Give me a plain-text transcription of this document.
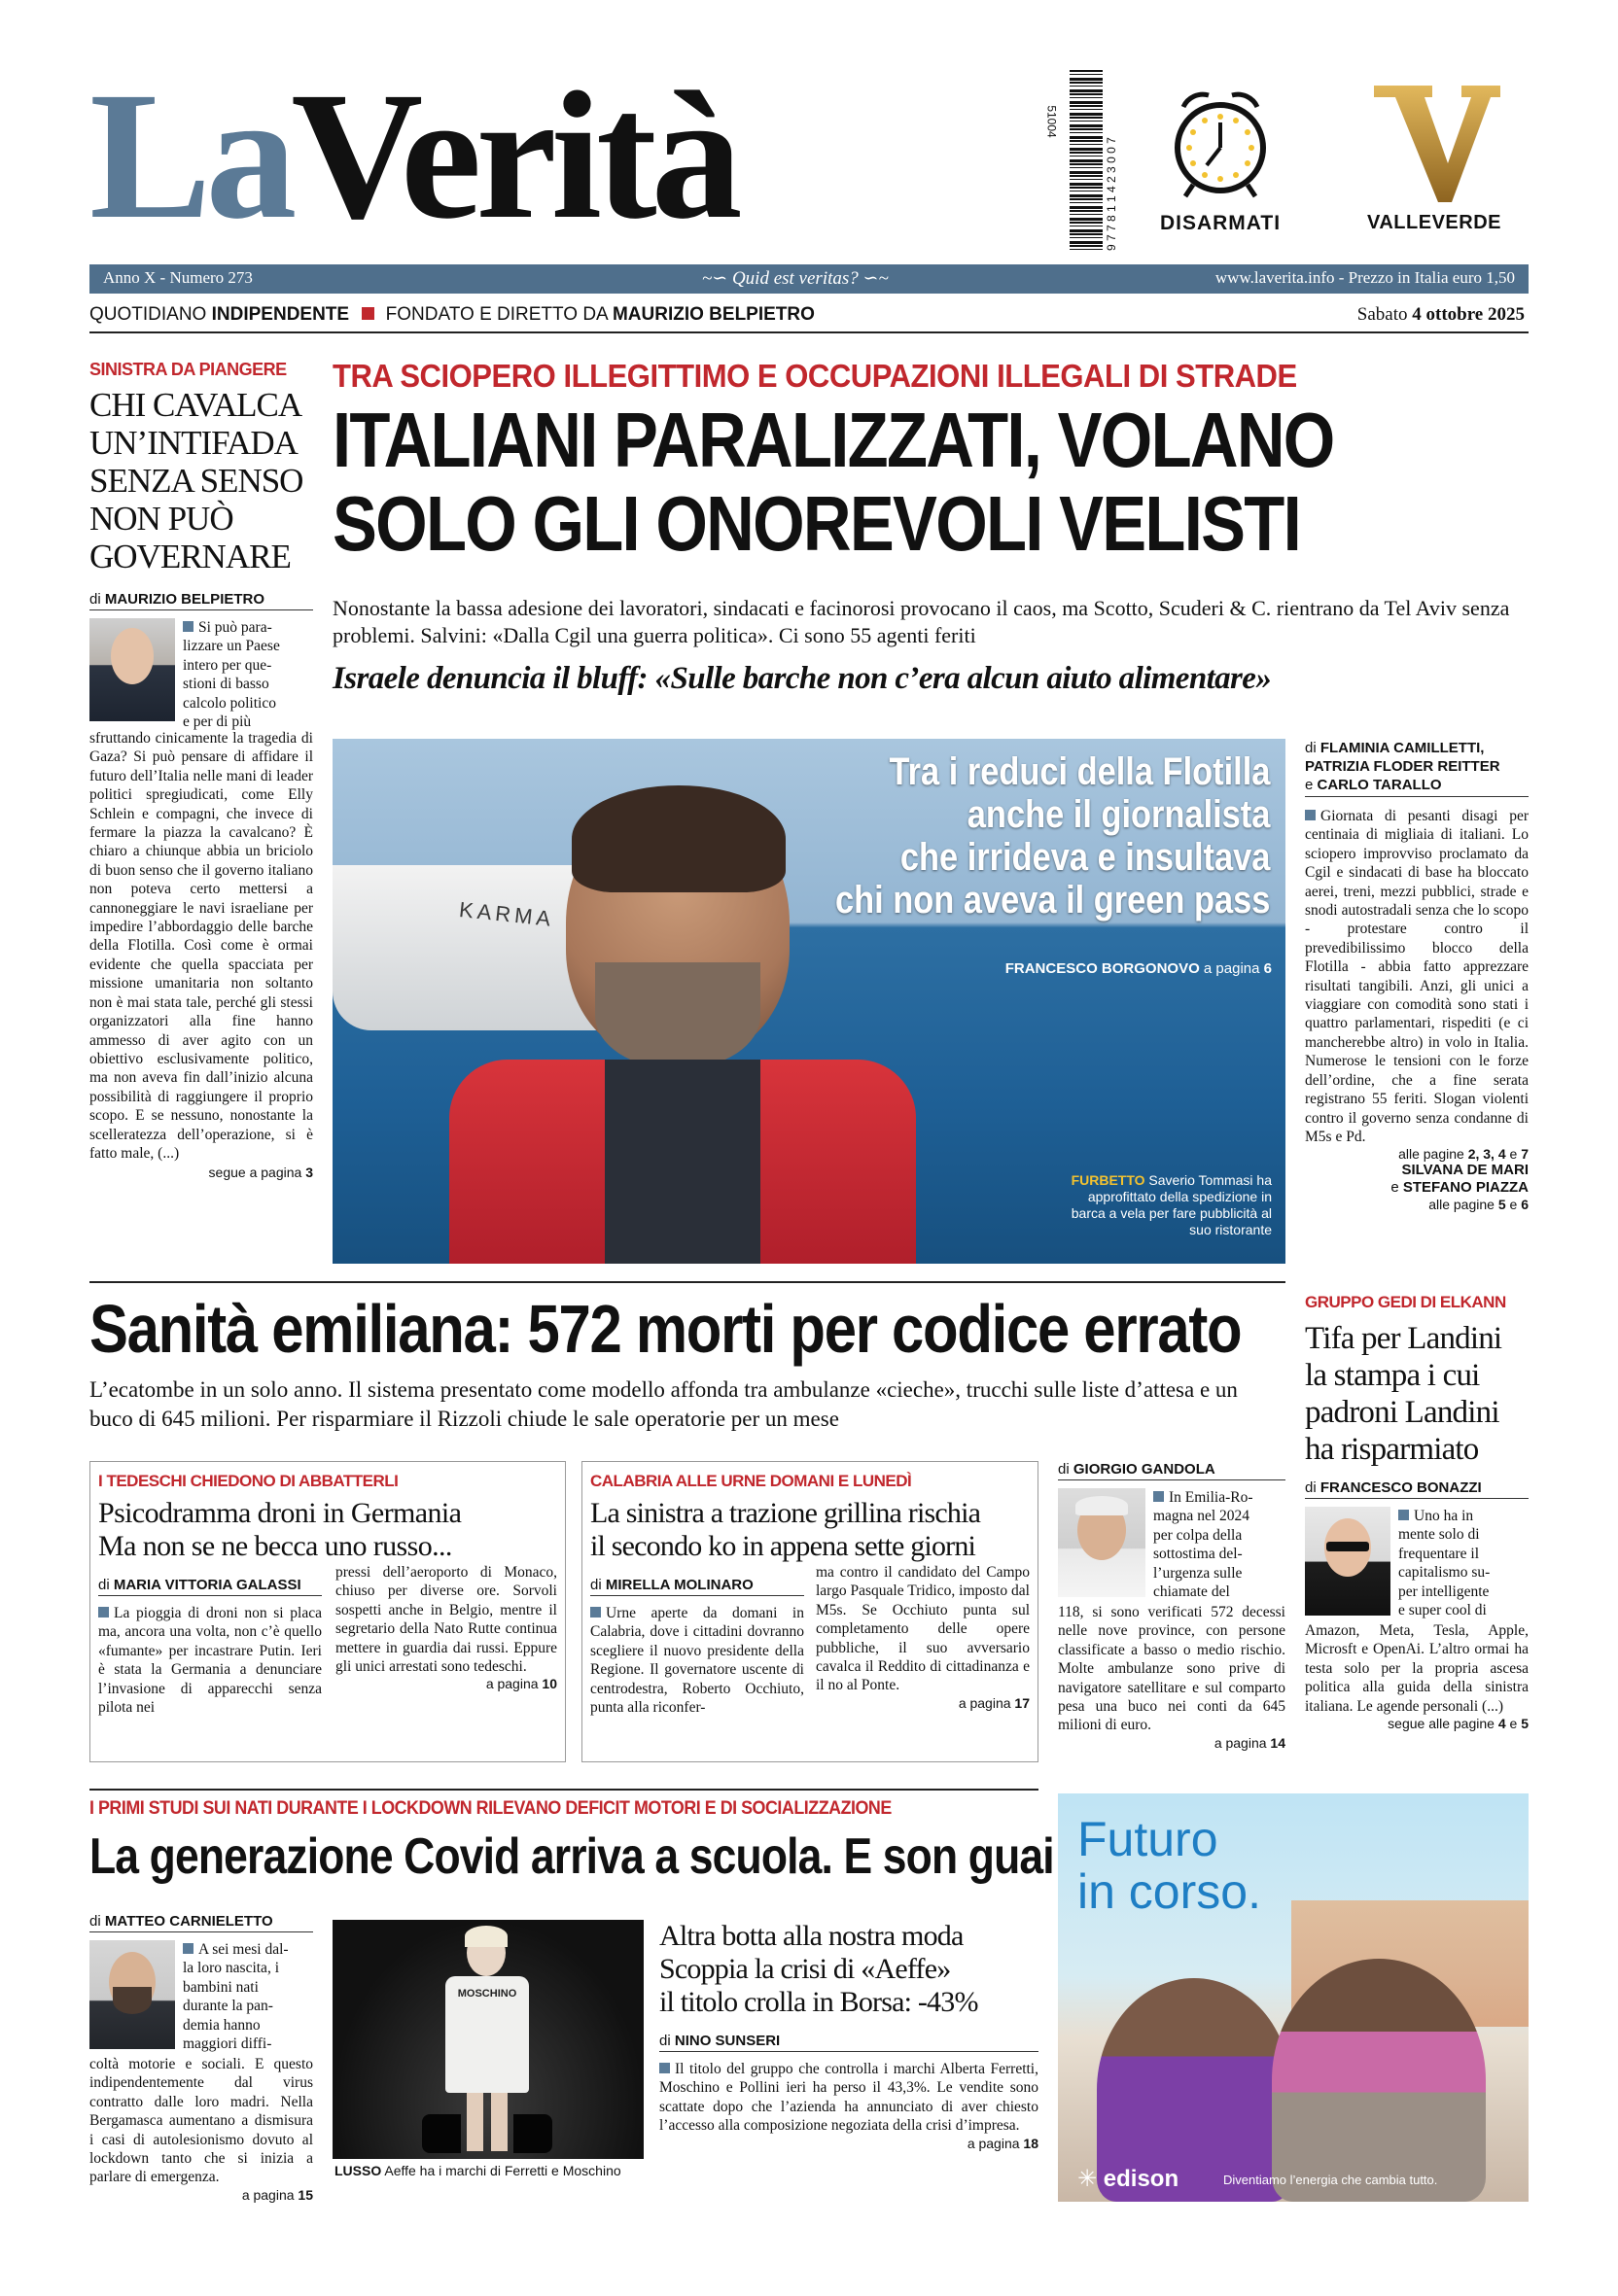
LaVerità	9 7 7 8 1 1 4 2 3 0 0 7
51004
DISARMATI	VALLEVERDE
Anno X - Numero 273	~∽ Quid est veritas? ∽~	www.laverita.info - Prezzo in Italia euro 1,50
QUOTIDIANO INDIPENDENTE FONDATO E DIRETTO DA MAURIZIO BELPIETRO	Sabato 4 ottobre 2025
SINISTRA DA PIANGERE
CHI CAVALCA
UN’INTIFADA
SENZA SENSO
NON PUÒ
GOVERNARE
di MAURIZIO BELPIETRO
Si può para-
lizzare un Paese
intero per que-
stioni di basso
calcolo politico
e per di più
sfruttando cinicamente la tragedia di Gaza? Si può pensare di affidare il futuro dell’Italia nelle mani di leader politici spregiudicati, come Elly Schlein e compagni, che invece di fermare la piazza la cavalcano? È chiaro a chiunque abbia un briciolo di buon senso che il governo italiano non poteva certo mettersi a cannoneggiare le navi israeliane per impedire l’abbordaggio delle barche della Flotilla. Così come è ormai evidente che quella spacciata per missione umanitaria non soltanto non è mai stata tale, perché gli stessi organizzatori alla fine hanno ammesso di aver agito con un obiettivo esclusivamente politico, ma non aveva fin dall’inizio alcuna possibilità di raggiungere il proprio scopo. E se nessuno, nonostante la scelleratezza dell’operazione, si è fatto male, (...)
segue a pagina 3
TRA SCIOPERO ILLEGITTIMO E OCCUPAZIONI ILLEGALI DI STRADE
ITALIANI PARALIZZATI, VOLANO
SOLO GLI ONOREVOLI VELISTI
Nonostante la bassa adesione dei lavoratori, sindacati e facinorosi provocano il caos, ma Scotto, Scuderi & C. rientrano da Tel Aviv senza problemi. Salvini: «Dalla Cgil una guerra politica». Ci sono 55 agenti feriti
Israele denuncia il bluff: «Sulle barche non c’era alcun aiuto alimentare»
KARMA
Tra i reduci della Flotilla
anche il giornalista
che irrideva e insultava
chi non aveva il green pass
FRANCESCO BORGONOVO a pagina 6
FURBETTO Saverio Tommasi ha approfittato della spedizione in barca a vela per fare pubblicità al suo ristorante
di FLAMINIA CAMILLETTI,
PATRIZIA FLODER REITTER
e CARLO TARALLO
Giornata di pesanti disagi per centinaia di migliaia di italiani. Lo sciopero improvviso proclamato da Cgil e sindacati di base ha bloccato aerei, treni, mezzi pubblici, strade e snodi autostradali senza che lo scopo - protestare contro il prevedibilissimo blocco della Flotilla - abbia fatto apprezzare risultati tangibili. Anzi, gli unici a viaggiare con comodità sono stati i quattro parlamentari, rispediti (e ci mancherebbe altro) in volo in Italia. Numerose le tensioni con le forze dell’ordine, che a fine serata registrano 55 feriti. Slogan violenti contro il governo senza condanne di M5s e Pd.
alle pagine 2, 3, 4 e 7
SILVANA DE MARI
e STEFANO PIAZZA
alle pagine 5 e 6
Sanità emiliana: 572 morti per codice errato
L’ecatombe in un solo anno. Il sistema presentato come modello affonda tra ambulanze «cieche», trucchi sulle liste d’attesa e un buco di 645 milioni. Per risparmiare il Rizzoli chiude le sale operatorie per un mese
GRUPPO GEDI DI ELKANN
Tifa per Landini
la stampa i cui
padroni Landini
ha risparmiato
di FRANCESCO BONAZZI
Uno ha in
mente solo di
frequentare il
capitalismo su-
per intelligente
e super cool di
Amazon, Meta, Tesla, Apple, Microsft e OpenAi. L’altro ormai ha testa solo per la propria ascesa politica alla guida della sinistra italiana. Le agende personali (...)
segue alle pagine 4 e 5
I TEDESCHI CHIEDONO DI ABBATTERLI
Psicodramma droni in Germania
Ma non se ne becca uno russo...
di MARIA VITTORIA GALASSI
La pioggia di droni non si placa ma, ancora una volta, non c’è quello «fumante» per incastrare Putin. Ieri è stata la Germania a denunciare l’invasione di apparecchi senza pilota nei
pressi dell’aeroporto di Monaco, chiuso per diverse ore. Sorvoli sospetti anche in Belgio, mentre il segretario della Nato Rutte continua mettere in guardia dai russi. Eppure gli unici arrestati sono tedeschi.
a pagina 10
CALABRIA ALLE URNE DOMANI E LUNEDÌ
La sinistra a trazione grillina rischia
il secondo ko in appena sette giorni
di MIRELLA MOLINARO
Urne aperte da domani in Calabria, dove i cittadini dovranno scegliere il nuovo presidente della Regione. Il governatore uscente di centrodestra, Roberto Occhiuto, punta alla riconfer-
ma contro il candidato del Campo largo Pasquale Tridico, imposto dal M5s. Se Occhiuto punta sul completamento delle opere pubbliche, il suo avversario cavalca il Reddito di cittadinanza e il no al Ponte.
a pagina 17
di GIORGIO GANDOLA
In Emilia-Ro-
magna nel 2024
per colpa della
sottostima del-
l’urgenza sulle
chiamate del
118, si sono verificati 572 decessi nelle nove province, con persone classificate a basso o medio rischio. Molte ambulanze sono prive di navigatore satellitare e sul comparto pesa una buco nei conti da 645 milioni di euro.
a pagina 14
I PRIMI STUDI SUI NATI DURANTE I LOCKDOWN RILEVANO DEFICIT MOTORI E DI SOCIALIZZAZIONE
La generazione Covid arriva a scuola. E son guai
di MATTEO CARNIELETTO
A sei mesi dal-
la loro nascita, i
bambini nati
durante la pan-
demia hanno
maggiori diffi-
coltà motorie e sociali. E questo indipendentemente dal virus contratto dalle loro madri. Nella Bergamasca aumentano a dismisura i casi di autolesionismo dovuto al lockdown tanto che si inizia a parlare di emergenza.
a pagina 15
MOSCHINO
LUSSO Aeffe ha i marchi di Ferretti e Moschino
Altra botta alla nostra moda
Scoppia la crisi di «Aeffe»
il titolo crolla in Borsa: -43%
di NINO SUNSERI
Il titolo del gruppo che controlla i marchi Alberta Ferretti, Moschino e Pollini ieri ha perso il 43,3%. Le vendite sono scattate dopo che l’azienda ha annunciato di aver chiesto l’accesso alla composizione negoziata della crisi d’impresa.
a pagina 18
Futuro
in corso.
✳ edison	Diventiamo l’energia che cambia tutto.
